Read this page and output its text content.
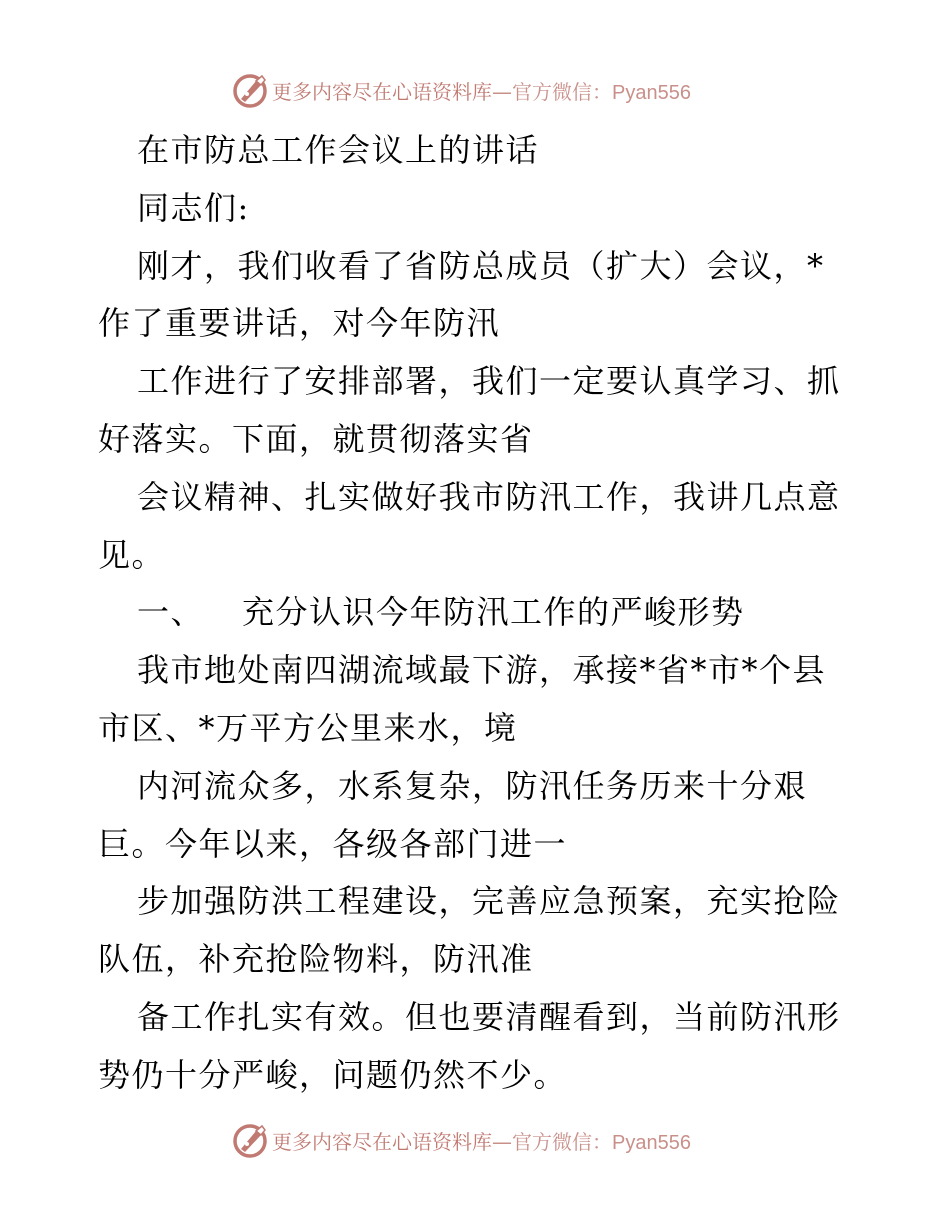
更多内容尽在心语资料库—官方微信：Pyan556
在市防总工作会议上的讲话
同志们:
刚才，我们收看了省防总成员（扩大）会议，*
作了重要讲话，对今年防汛
工作进行了安排部署，我们一定要认真学习、抓
好落实。下面，就贯彻落实省
会议精神、扎实做好我市防汛工作，我讲几点意
见。
一、 充分认识今年防汛工作的严峻形势
我市地处南四湖流域最下游，承接*省*市*个县
市区、*万平方公里来水，境
内河流众多，水系复杂，防汛任务历来十分艰
巨。今年以来，各级各部门进一
步加强防洪工程建设，完善应急预案，充实抢险
队伍，补充抢险物料，防汛准
备工作扎实有效。但也要清醒看到，当前防汛形
势仍十分严峻，问题仍然不少。
更多内容尽在心语资料库—官方微信：Pyan556
